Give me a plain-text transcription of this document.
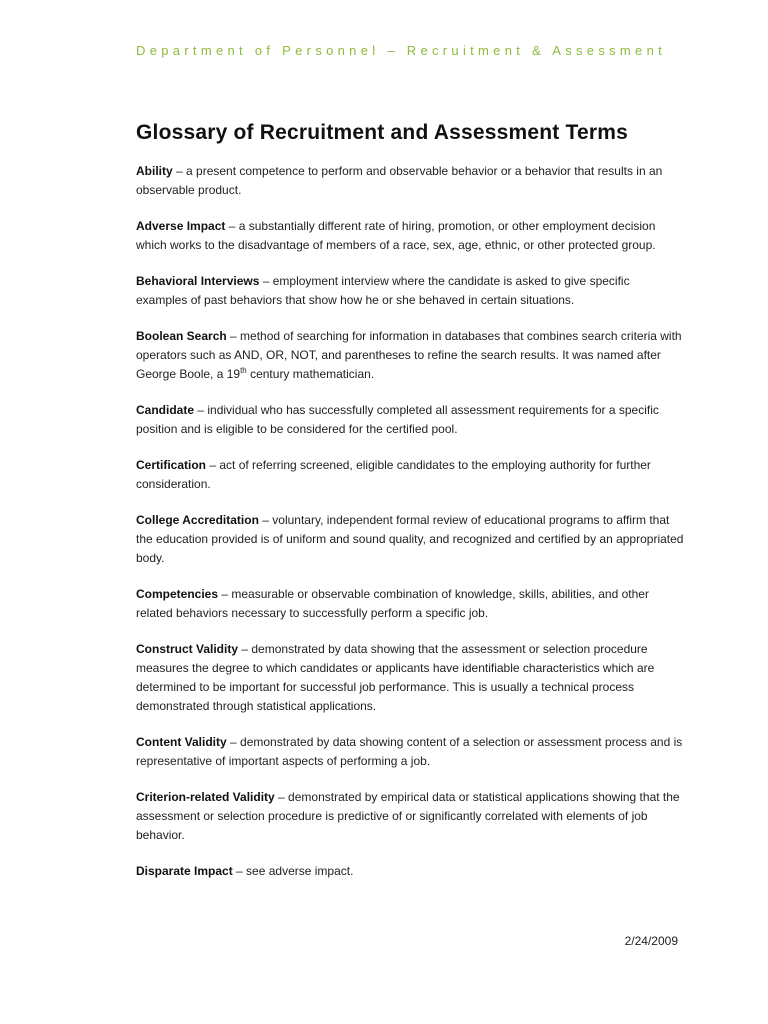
Department of Personnel – Recruitment & Assessment
Glossary of Recruitment and Assessment Terms

Ability – a present competence to perform and observable behavior or a behavior that results in an observable product.

Adverse Impact – a substantially different rate of hiring, promotion, or other employment decision which works to the disadvantage of members of a race, sex, age, ethnic, or other protected group.

Behavioral Interviews – employment interview where the candidate is asked to give specific examples of past behaviors that show how he or she behaved in certain situations.

Boolean Search – method of searching for information in databases that combines search criteria with operators such as AND, OR, NOT, and parentheses to refine the search results. It was named after George Boole, a 19th century mathematician.

Candidate – individual who has successfully completed all assessment requirements for a specific position and is eligible to be considered for the certified pool.

Certification – act of referring screened, eligible candidates to the employing authority for further consideration.

College Accreditation – voluntary, independent formal review of educational programs to affirm that the education provided is of uniform and sound quality, and recognized and certified by an appropriated body.

Competencies – measurable or observable combination of knowledge, skills, abilities, and other related behaviors necessary to successfully perform a specific job.

Construct Validity – demonstrated by data showing that the assessment or selection procedure measures the degree to which candidates or applicants have identifiable characteristics which are determined to be important for successful job performance. This is usually a technical process demonstrated through statistical applications.

Content Validity – demonstrated by data showing content of a selection or assessment process and is representative of important aspects of performing a job.

Criterion-related Validity – demonstrated by empirical data or statistical applications showing that the assessment or selection procedure is predictive of or significantly correlated with elements of job behavior.

Disparate Impact – see adverse impact.

2/24/2009
